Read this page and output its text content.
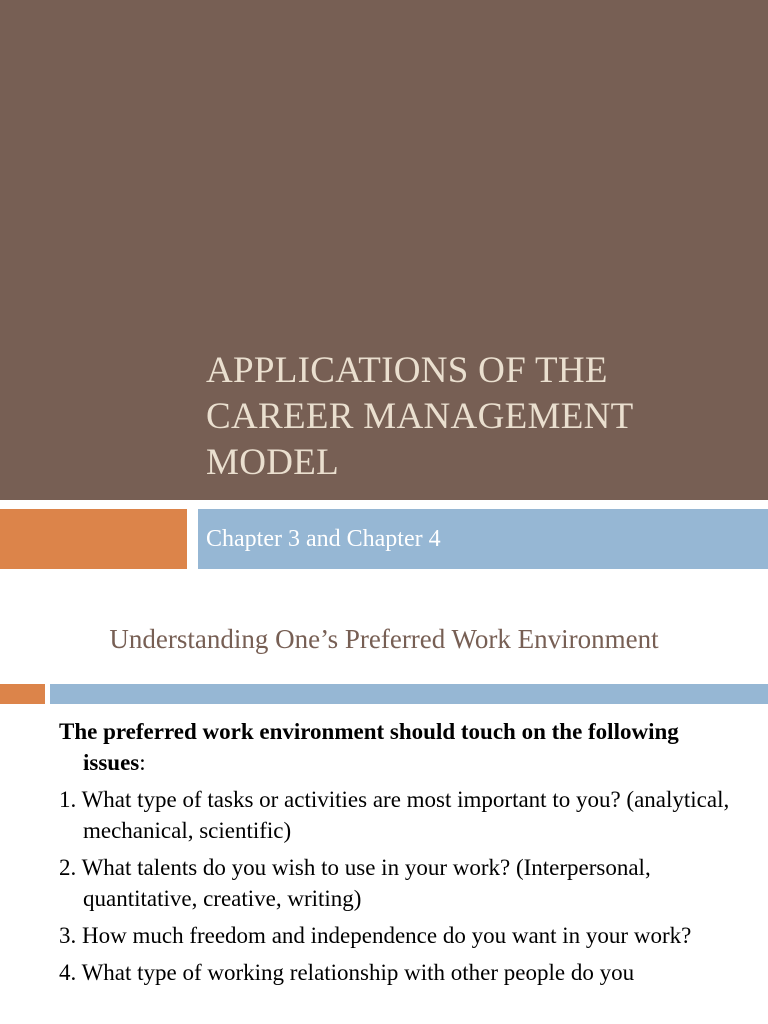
APPLICATIONS OF THE
CAREER MANAGEMENT
MODEL

Chapter 3 and Chapter 4

Understanding One’s Preferred Work Environment
The preferred work environment should touch on the following issues:
1. What type of tasks or activities are most important to you? (analytical, mechanical, scientific)
2. What talents do you wish to use in your work? (Interpersonal, quantitative, creative, writing)
3. How much freedom and independence do you want in your work?
4. What type of working relationship with other people do you
